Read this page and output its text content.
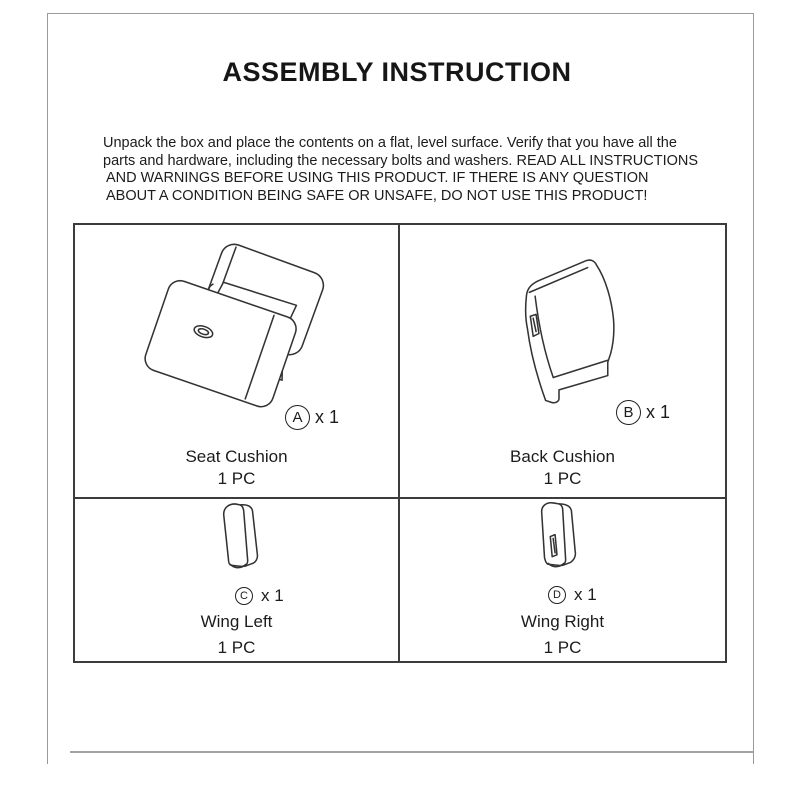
ASSEMBLY INSTRUCTION
Unpack the box and place the contents on a flat, level surface. Verify that you have all the
parts and hardware, including the necessary bolts and washers. READ ALL INSTRUCTIONS
AND WARNINGS BEFORE USING THIS PRODUCT. IF THERE IS ANY QUESTION
ABOUT A CONDITION BEING SAFE OR UNSAFE, DO NOT USE THIS PRODUCT!
A x 1
Seat Cushion
1 PC
B x 1
Back Cushion
1 PC
C x 1
Wing Left
1 PC
D x 1
Wing Right
1 PC
